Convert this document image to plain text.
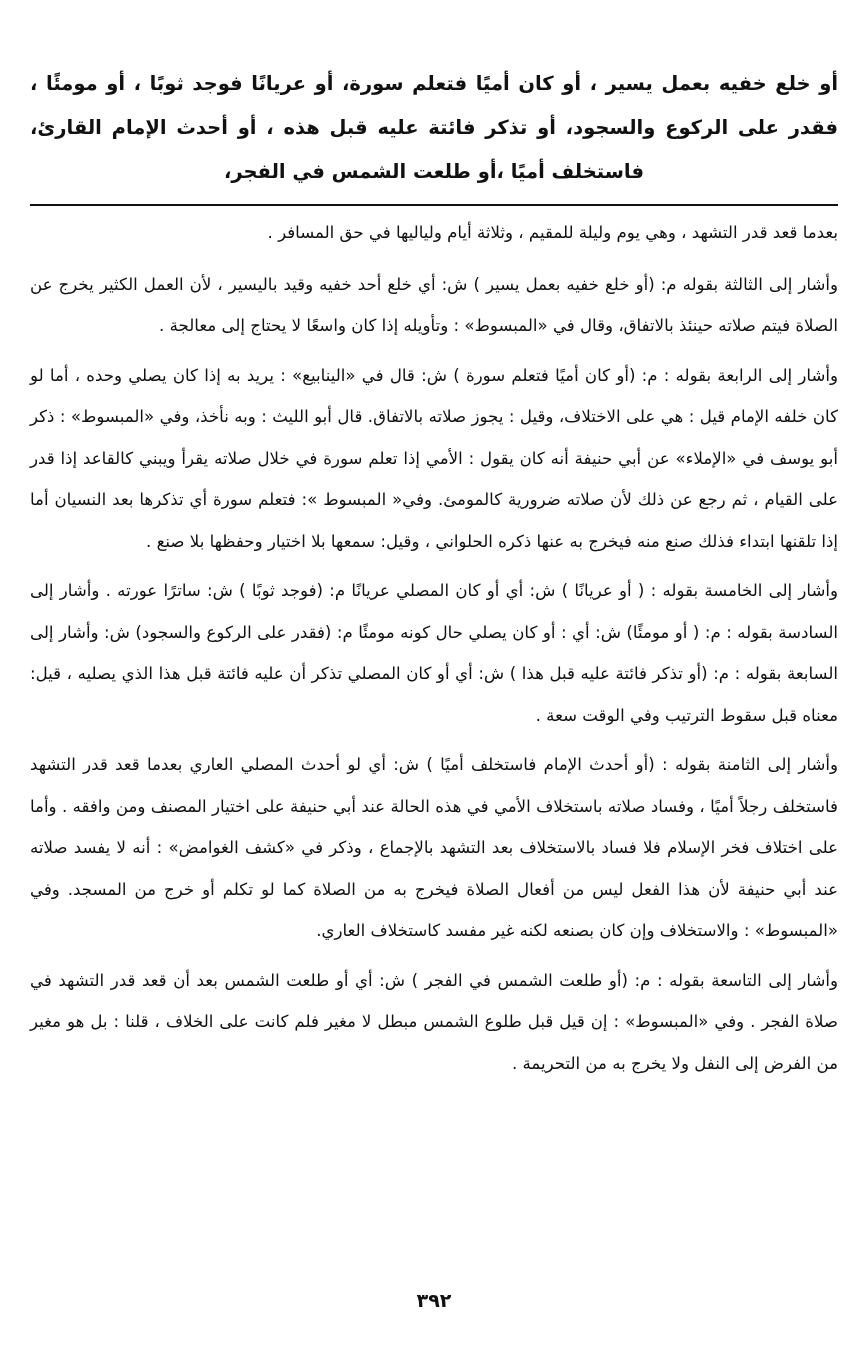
أو خلع خفيه بعمل يسير ، أو كان أميًا فتعلم سورة، أو عريانًا فوجد ثوبًا ، أو مومئًا ، فقدر على الركوع والسجود، أو تذكر فائتة عليه قبل هذه ، أو أحدث الإمام القارئ، فاستخلف أميًا ،أو طلعت الشمس في الفجر،

بعدما قعد قدر التشهد ، وهي يوم وليلة للمقيم ، وثلاثة أيام ولياليها في حق المسافر .

وأشار إلى الثالثة بقوله م: (أو خلع خفيه بعمل يسير ) ش: أي خلع أحد خفيه وقيد باليسير ، لأن العمل الكثير يخرج عن الصلاة فيتم صلاته حينئذ بالاتفاق، وقال في «المبسوط» : وتأويله إذا كان واسعًا لا يحتاج إلى معالجة .

وأشار إلى الرابعة بقوله : م: (أو كان أميًا فتعلم سورة ) ش: قال في «الينابيع» : يريد به إذا كان يصلي وحده ، أما لو كان خلفه الإمام قيل : هي على الاختلاف، وقيل : يجوز صلاته بالاتفاق. قال أبو الليث : وبه نأخذ، وفي «المبسوط» : ذكر أبو يوسف في «الإملاء» عن أبي حنيفة أنه كان يقول : الأمي إذا تعلم سورة في خلال صلاته يقرأ ويبني كالقاعد إذا قدر على القيام ، ثم رجع عن ذلك لأن صلاته ضرورية كالمومئ. وفي« المبسوط »: فتعلم سورة أي تذكرها بعد النسيان أما إذا تلقنها ابتداء فذلك صنع منه فيخرج به عنها ذكره الحلواني ، وقيل: سمعها بلا اختيار وحفظها بلا صنع .

وأشار إلى الخامسة بقوله : ( أو عريانًا ) ش: أي أو كان المصلي عريانًا م: (فوجد ثوبًا ) ش: ساترًا عورته . وأشار إلى السادسة بقوله : م: ( أو مومئًا) ش: أي : أو كان يصلي حال كونه مومئًا م: (فقدر على الركوع والسجود) ش: وأشار إلى السابعة بقوله : م: (أو تذكر فائتة عليه قبل هذا ) ش: أي أو كان المصلي تذكر أن عليه فائتة قبل هذا الذي يصليه ، قيل: معناه قبل سقوط الترتيب وفي الوقت سعة .

وأشار إلى الثامنة بقوله : (أو أحدث الإمام فاستخلف أميًا ) ش: أي لو أحدث المصلي العاري بعدما قعد قدر التشهد فاستخلف رجلاً أميًا ، وفساد صلاته باستخلاف الأمي في هذه الحالة عند أبي حنيفة على اختيار المصنف ومن وافقه . وأما على اختلاف فخر الإسلام فلا فساد بالاستخلاف بعد التشهد بالإجماع ، وذكر في «كشف الغوامض» : أنه لا يفسد صلاته عند أبي حنيفة لأن هذا الفعل ليس من أفعال الصلاة فيخرج به من الصلاة كما لو تكلم أو خرج من المسجد. وفي «المبسوط» : والاستخلاف وإن كان بصنعه لكنه غير مفسد كاستخلاف العاري.

وأشار إلى التاسعة بقوله : م: (أو طلعت الشمس في الفجر ) ش: أي أو طلعت الشمس بعد أن قعد قدر التشهد في صلاة الفجر . وفي «المبسوط» : إن قيل قبل طلوع الشمس مبطل لا مغير فلم كانت على الخلاف ، قلنا : بل هو مغير من الفرض إلى النفل ولا يخرج به من التحريمة .

٣٩٢
